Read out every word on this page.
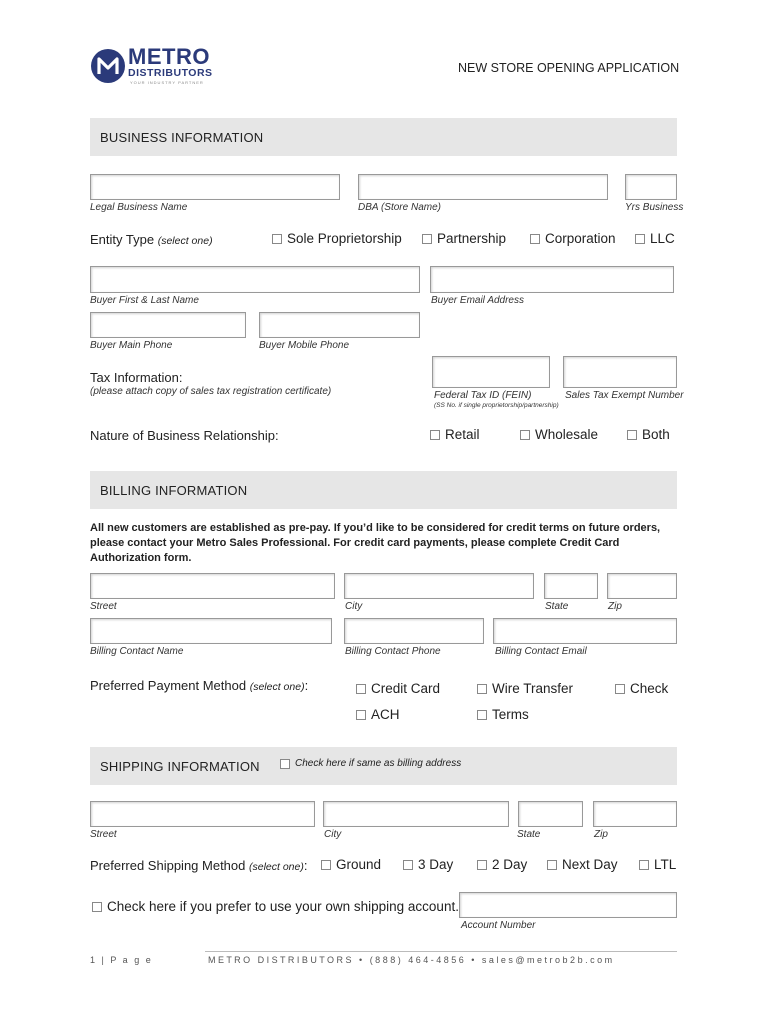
METRO
DISTRIBUTORS
YOUR INDUSTRY PARTNER
NEW STORE OPENING APPLICATION
BUSINESS INFORMATION
Legal Business Name	DBA (Store Name)	Yrs Business
Entity Type (select one)	Sole Proprietorship	Partnership	Corporation	LLC
Buyer First & Last Name	Buyer Email Address
Buyer Main Phone	Buyer Mobile Phone
Tax Information:
(please attach copy of sales tax registration certificate)	Federal Tax ID (FEIN)	Sales Tax Exempt Number
(SS No. if single proprietorship/partnership)
Nature of Business Relationship:	Retail	Wholesale	Both
BILLING INFORMATION
All new customers are established as pre-pay. If you’d like to be considered for credit terms on future orders, please contact your Metro Sales Professional. For credit card payments, please complete Credit Card Authorization form.
Street	City	State	Zip
Billing Contact Name	Billing Contact Phone	Billing Contact Email
Preferred Payment Method (select one):	Credit Card	Wire Transfer	Check
ACH	Terms
SHIPPING INFORMATION	Check here if same as billing address
Street	City	State	Zip
Preferred Shipping Method (select one): Ground	3 Day	2 Day	Next Day	LTL
Check here if you prefer to use your own shipping account.
Account Number
1 | P a g e	M E T R O   D I S T R I B U T O R S   •   ( 8 8 8 )   4 6 4 - 4 8 5 6   •   s a l e s @ m e t r o b 2 b . c o m
